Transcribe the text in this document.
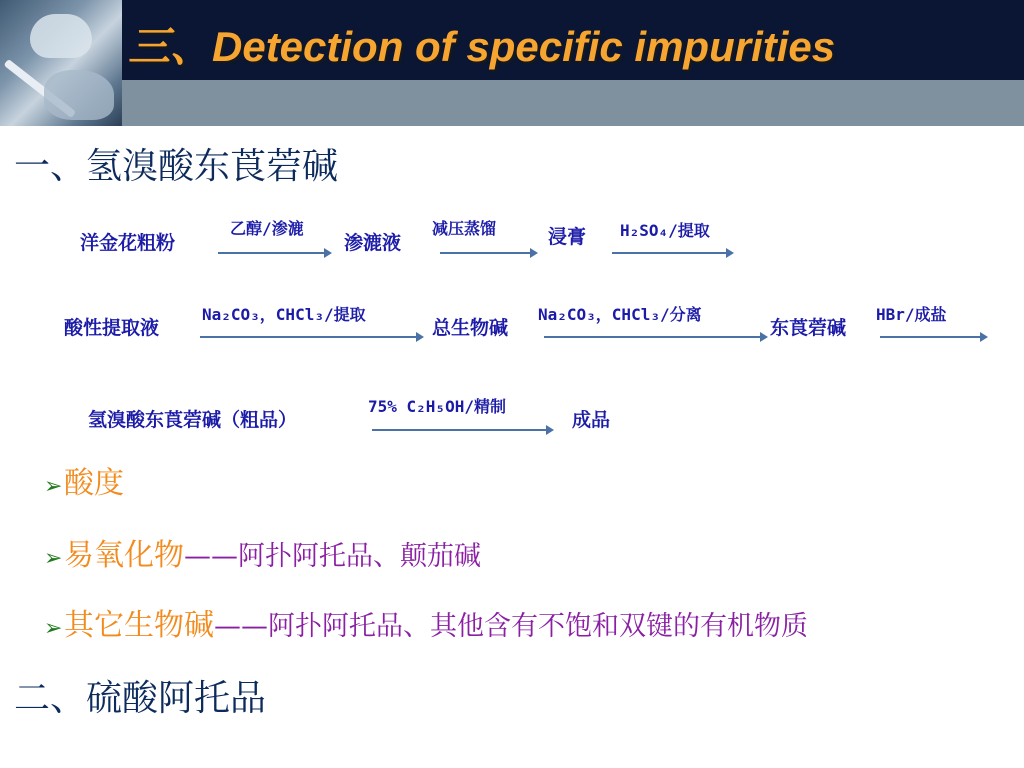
三、Detection of specific impurities
一、氢溴酸东莨菪碱
洋金花粗粉
乙醇/渗漉
渗漉液
减压蒸馏	浸膏 H₂SO₄/提取
酸性提取液
Na₂CO₃，CHCl₃/提取
总生物碱
Na₂CO₃，CHCl₃/分离
东莨菪碱
HBr/成盐
氢溴酸东莨菪碱（粗品）
75% C₂H₅OH/精制
成品
➢酸度
➢易氧化物——阿扑阿托品、颠茄碱
➢其它生物碱——阿扑阿托品、其他含有不饱和双键的有机物质
二、硫酸阿托品
